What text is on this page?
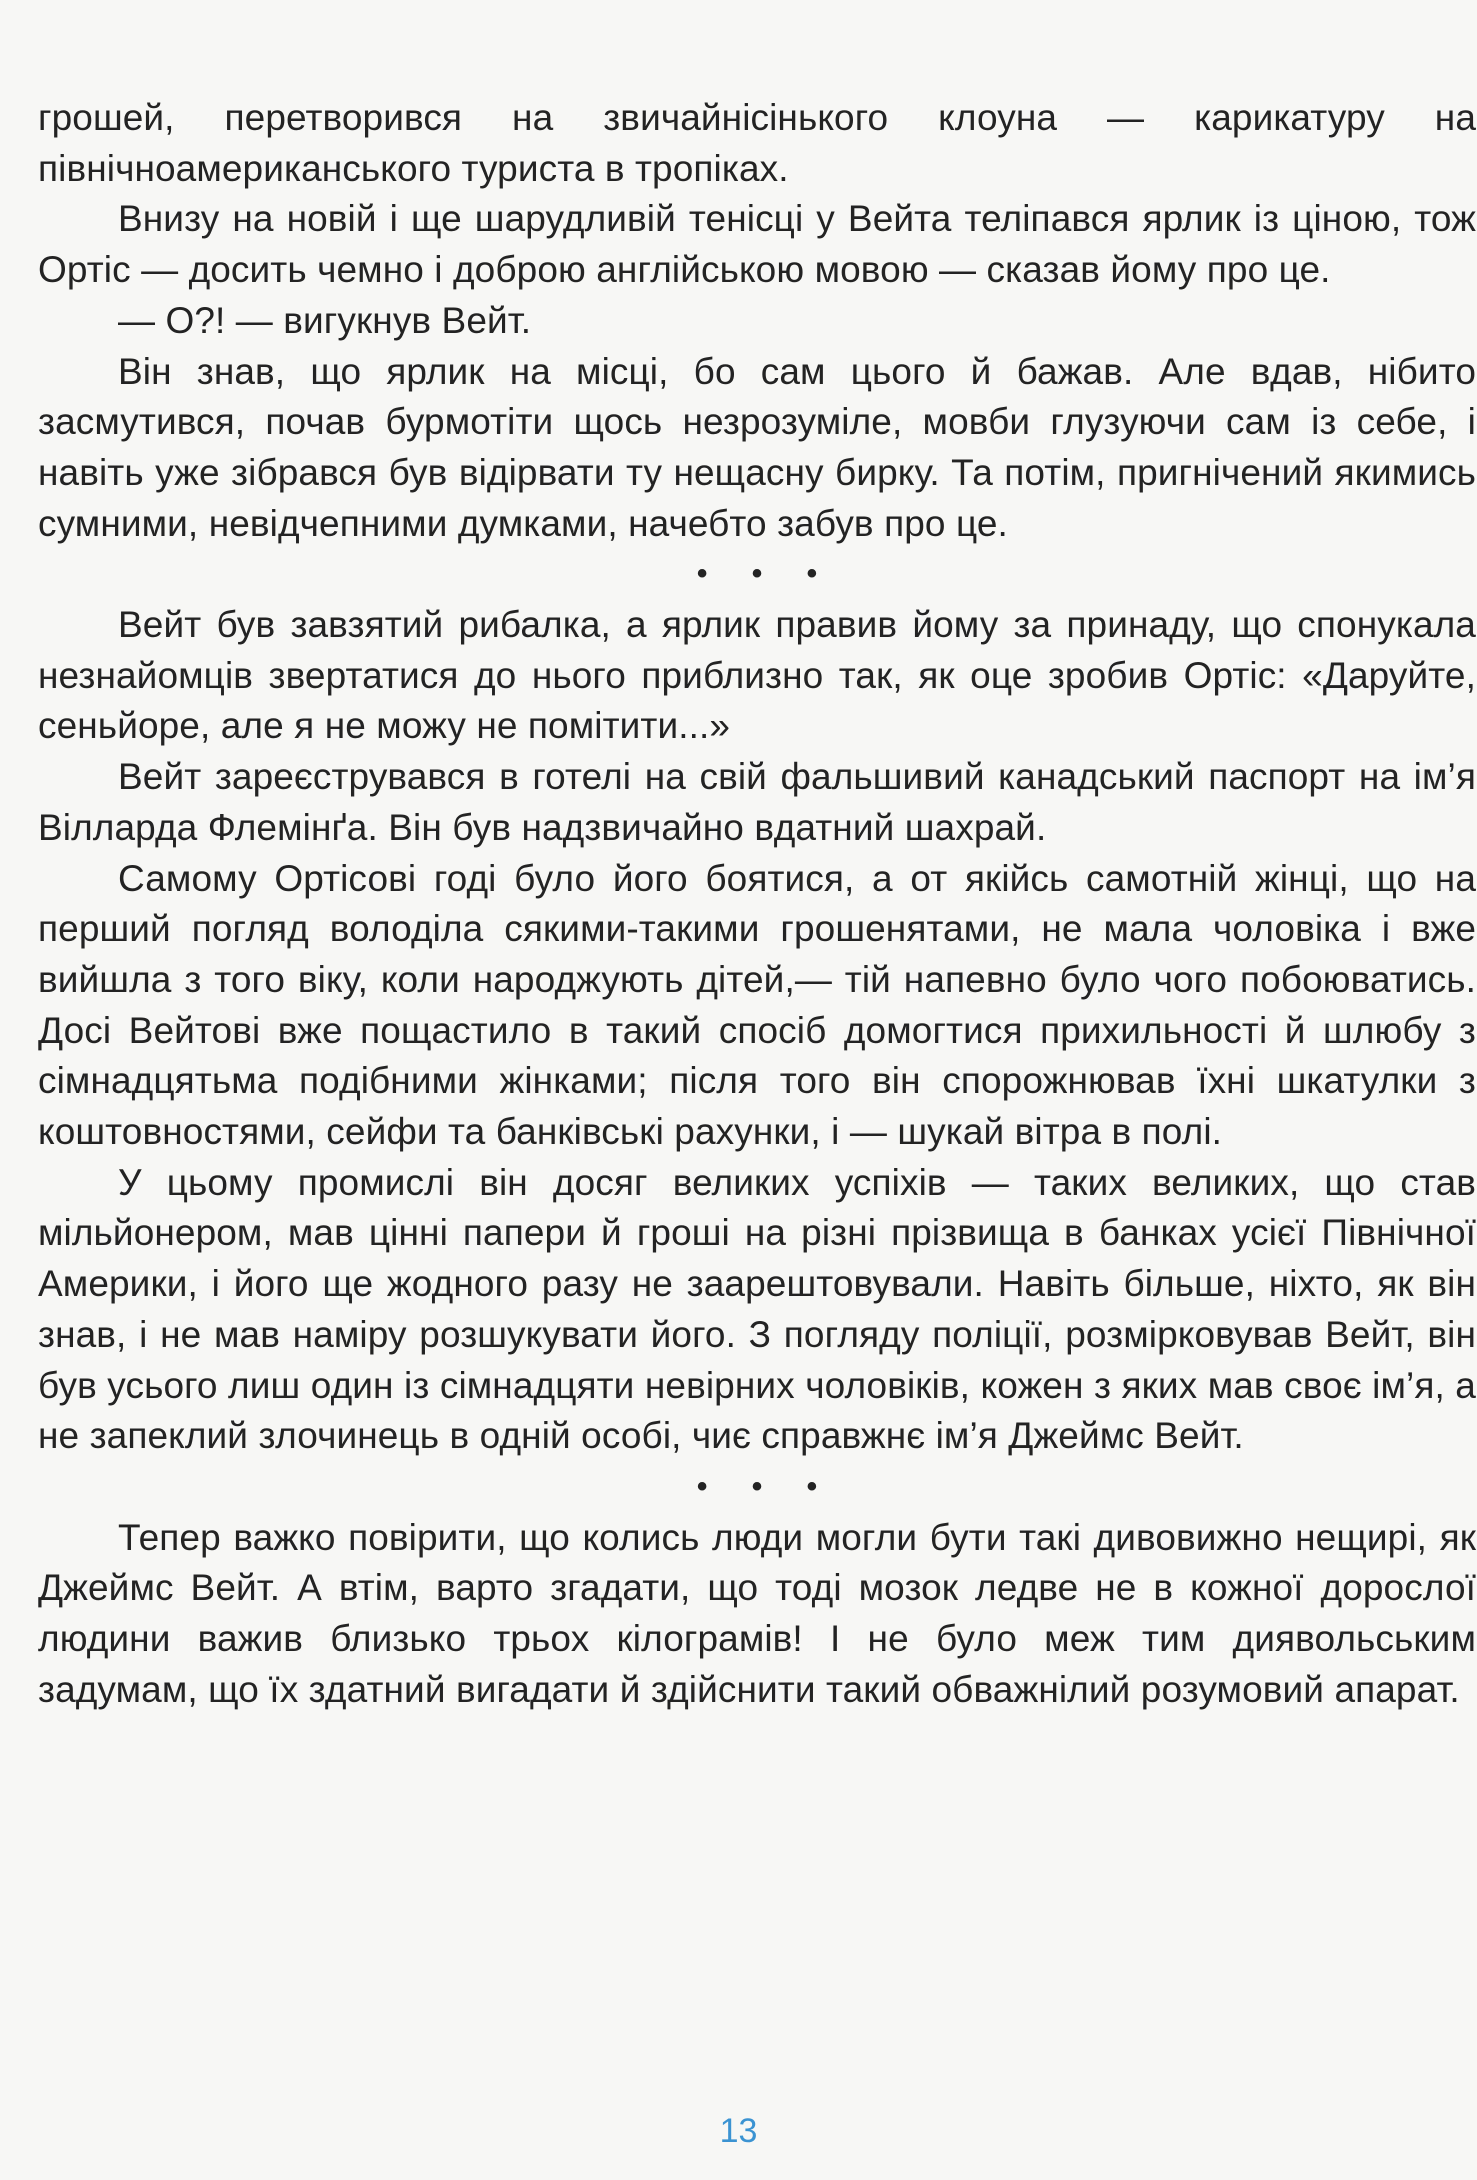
грошей, перетворився на звичайнісінького клоуна — карикатуру на північноамериканського туриста в тропіках.

Внизу на новій і ще шарудливій тенісці у Вейта теліпався ярлик із ціною, тож Ортіс — досить чемно і доброю англійською мовою — сказав йому про це.

— О?! — вигукнув Вейт.

Він знав, що ярлик на місці, бо сам цього й бажав. Але вдав, нібито засмутився, почав бурмотіти щось незрозуміле, мовби глузуючи сам із себе, і навіть уже зібрався був відірвати ту нещасну бирку. Та потім, пригнічений якимись сумними, невідчепними думками, начебто забув про це.

• • •

Вейт був завзятий рибалка, а ярлик правив йому за принаду, що спонукала незнайомців звертатися до нього приблизно так, як оце зробив Ортіс: «Даруйте, сеньйоре, але я не можу не помітити...»

Вейт зареєструвався в готелі на свій фальшивий канадський паспорт на ім’я Вілларда Флемінґа. Він був надзвичайно вдатний шахрай.

Самому Ортісові годі було його боятися, а от якійсь самотній жінці, що на перший погляд володіла сякими-такими грошенятами, не мала чоловіка і вже вийшла з того віку, коли народжують дітей,— тій напевно було чого побоюватись. Досі Вейтові вже пощастило в такий спосіб домогтися прихильності й шлюбу з сімнадцятьма подібними жінками; після того він спорожнював їхні шкатулки з коштовностями, сейфи та банківські рахунки, і — шукай вітра в полі.

У цьому промислі він досяг великих успіхів — таких великих, що став мільйонером, мав цінні папери й гроші на різні прізвища в банках усієї Північної Америки, і його ще жодного разу не заарештовували. Навіть більше, ніхто, як він знав, і не мав наміру розшукувати його. З погляду поліції, розмірковував Вейт, він був усього лиш один із сімнадцяти невірних чоловіків, кожен з яких мав своє ім’я, а не запеклий злочинець в одній особі, чиє справжнє ім’я Джеймс Вейт.

• • •

Тепер важко повірити, що колись люди могли бути такі дивовижно нещирі, як Джеймс Вейт. А втім, варто згадати, що тоді мозок ледве не в кожної дорослої людини важив близько трьох кілограмів! І не було меж тим диявольським задумам, що їх здатний вигадати й здійснити такий обважнілий розумовий апарат.

13
